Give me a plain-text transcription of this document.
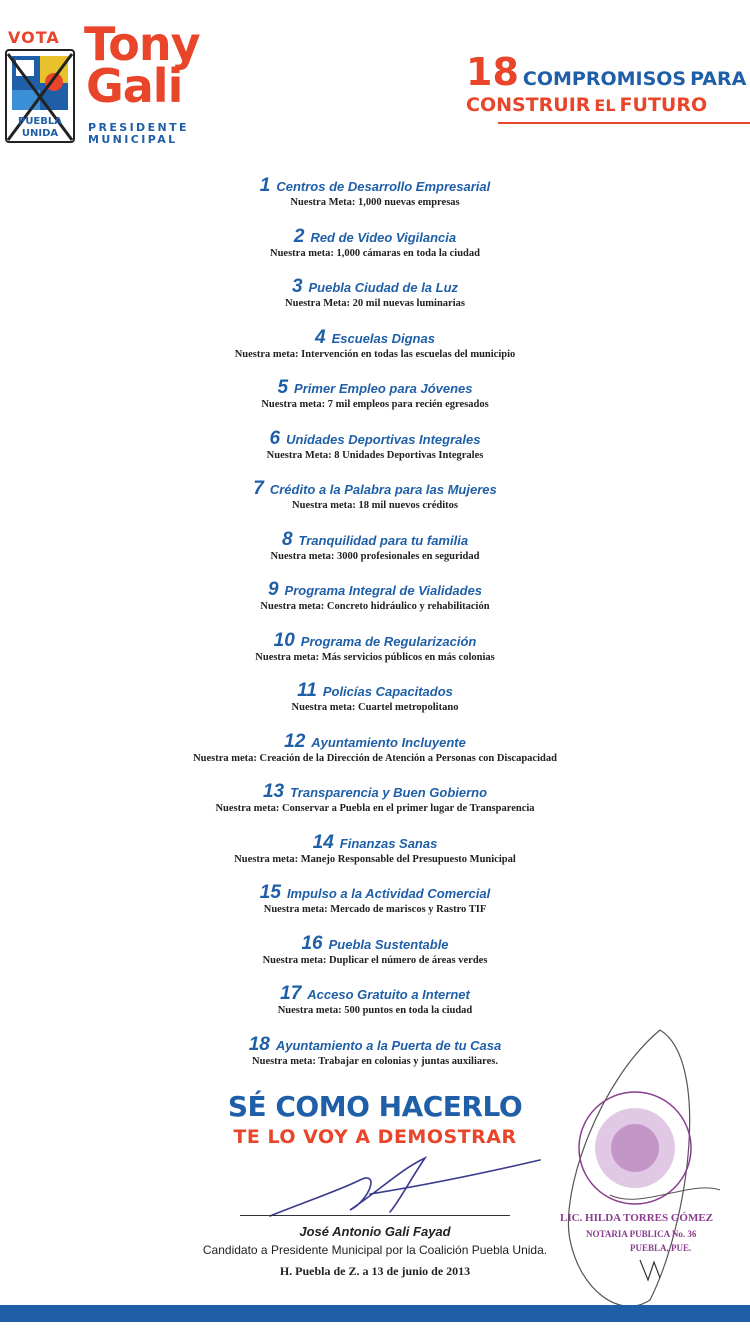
VOTA
PUEBLA
UNIDA
Tony
Gali
PRESIDENTE
MUNICIPAL
18 COMPROMISOS PARA
CONSTRUIR EL FUTURO
1 Centros de Desarrollo Empresarial
Nuestra Meta: 1,000 nuevas empresas
2 Red de Video Vigilancia
Nuestra meta: 1,000 cámaras en toda la ciudad
3 Puebla Ciudad de la Luz
Nuestra Meta: 20 mil nuevas luminarias
4 Escuelas Dignas
Nuestra meta: Intervención en todas las escuelas del municipio
5 Primer Empleo para Jóvenes
Nuestra meta: 7 mil empleos para recién egresados
6 Unidades Deportivas Integrales
Nuestra Meta: 8 Unidades Deportivas Integrales
7 Crédito a la Palabra para las Mujeres
Nuestra meta: 18 mil nuevos créditos
8 Tranquilidad para tu familia
Nuestra meta: 3000 profesionales en seguridad
9 Programa Integral de Vialidades
Nuestra meta: Concreto hidráulico y rehabilitación
10 Programa de Regularización
Nuestra meta: Más servicios públicos en más colonias
11 Policías Capacitados
Nuestra meta: Cuartel metropolitano
12 Ayuntamiento Incluyente
Nuestra meta: Creación de la Dirección de Atención a Personas con Discapacidad
13 Transparencia y Buen Gobierno
Nuestra meta: Conservar a Puebla en el primer lugar de Transparencia
14 Finanzas Sanas
Nuestra meta: Manejo Responsable del Presupuesto Municipal
15 Impulso a la Actividad Comercial
Nuestra meta: Mercado de mariscos y Rastro TIF
16 Puebla Sustentable
Nuestra meta: Duplicar el número de áreas verdes
17 Acceso Gratuito a Internet
Nuestra meta: 500 puntos en toda la ciudad
18 Ayuntamiento a la Puerta de tu Casa
Nuestra meta: Trabajar en colonias y juntas auxiliares.
LIC. HILDA TORRES GÓMEZ
NOTARIA PUBLICA No. 36
PUEBLA, PUE.
SÉ COMO HACERLO
TE LO VOY A DEMOSTRAR
José Antonio Gali Fayad
Candidato a Presidente Municipal por la Coalición Puebla Unida.
H. Puebla de Z. a 13 de junio de 2013
